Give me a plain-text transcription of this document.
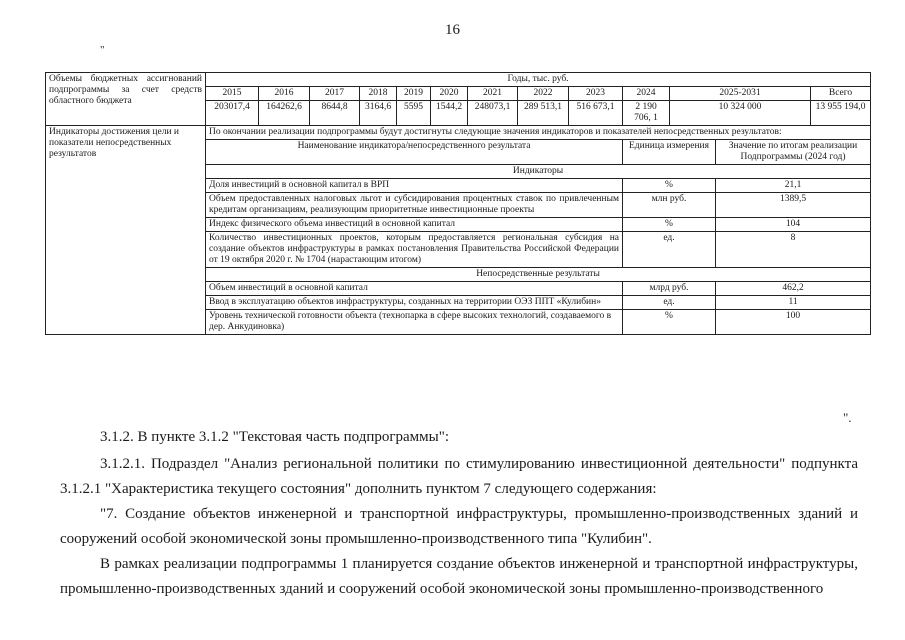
16
"
Объемы бюджетных ассигнований подпрограммы за счет средств областного бюджета	Годы, тыс. руб.												
	2015	2016	2017	2018	2019	2020	2021	2022	2023	2024	2025-2031		Всего
	203017,4	164262,6	8644,8	3164,6	5595	1544,2	248073,1	289 513,1	516 673,1	2 190 706, 1	10 324 000		13 955 194,0
Индикаторы достижения цели и показатели непосредственных результатов	По окончании реализации подпрограммы будут достигнуты следующие значения индикаторов и показателей непосредственных результатов:												
	Наименование индикатора/непосредственного результата									Единица измерения		Значение по итогам реализации Подпрограммы (2024 год)	
	Индикаторы												
	Доля инвестиций в основной капитал в ВРП									%		21,1	
	Объем предоставленных налоговых льгот и субсидирования процентных ставок по привлеченным кредитам организациям, реализующим приоритетные инвестиционные проекты									млн руб.		1389,5	
	Индекс физического объема инвестиций в основной капитал									%		104	
	Количество инвестиционных проектов, которым предоставляется региональная субсидия на создание объектов инфраструктуры в рамках постановления Правительства Российской Федерации от 19 октября 2020 г. № 1704 (нарастающим итогом)									ед.		8	
	Непосредственные результаты												
	Объем инвестиций в основной капитал									млрд руб.		462,2	
	Ввод в эксплуатацию объектов инфраструктуры, созданных на территории ОЭЗ ППТ «Кулибин»									ед.		11	
	Уровень технической готовности объекта (технопарка в сфере высоких технологий, создаваемого в дер. Анкудиновка)									%		100	
".

3.1.2. В пункте 3.1.2 "Текстовая часть подпрограммы":

3.1.2.1. Подраздел "Анализ региональной политики по стимулированию инвестиционной деятельности" подпункта 3.1.2.1 "Характеристика текущего состояния" дополнить пунктом 7 следующего содержания:

"7. Создание объектов инженерной и транспортной инфраструктуры, промышленно-производственных зданий и сооружений особой экономической зоны промышленно-производственного типа "Кулибин".

В рамках реализации подпрограммы 1 планируется создание объектов инженерной и транспортной инфраструктуры, промышленно-производственных зданий и сооружений особой экономической зоны промышленно-производственного
